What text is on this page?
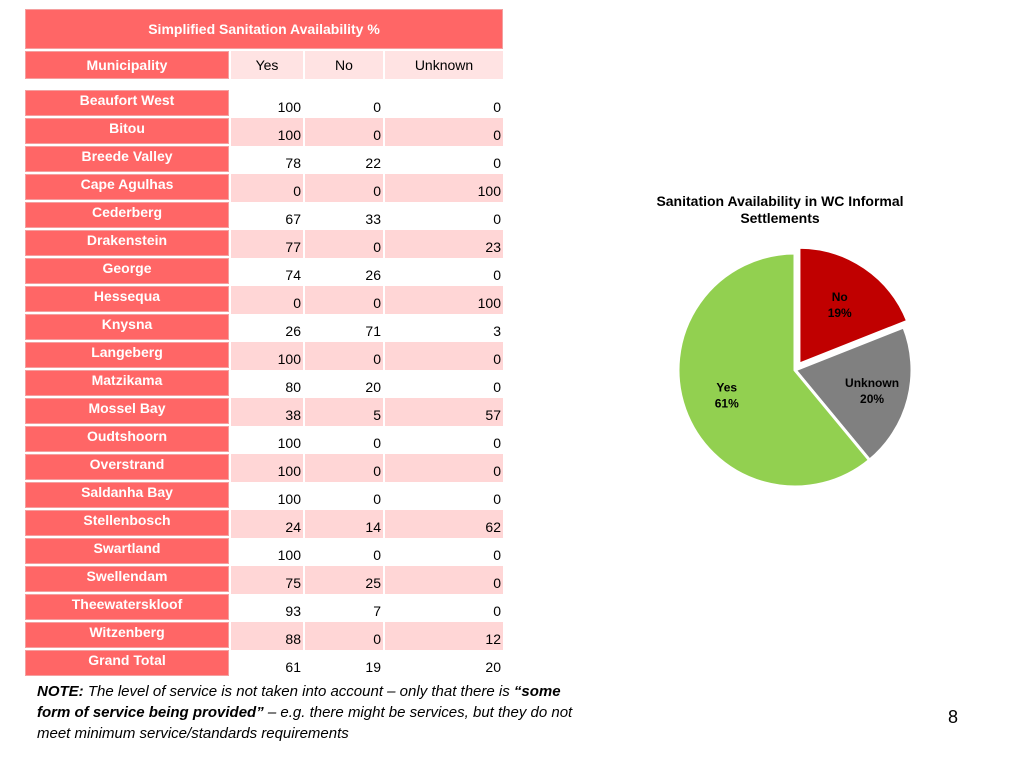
Simplified Sanitation Availability %
Municipality	Yes	No	Unknown
Beaufort West	100	0	0
Bitou	100	0	0
Breede Valley	78	22	0
Cape Agulhas	0	0	100
Cederberg	67	33	0
Drakenstein	77	0	23
George	74	26	0
Hessequa	0	0	100
Knysna	26	71	3
Langeberg	100	0	0
Matzikama	80	20	0
Mossel Bay	38	5	57
Oudtshoorn	100	0	0
Overstrand	100	0	0
Saldanha Bay	100	0	0
Stellenbosch	24	14	62
Swartland	100	0	0
Swellendam	75	25	0
Theewaterskloof	93	7	0
Witzenberg	88	0	12
Grand Total	61	19	20
Sanitation Availability in WC Informal Settlements
No 19%
Unknown 20%
Yes 61%
NOTE: The level of service is not taken into account – only that there is “some form of service being provided” – e.g. there might be services, but they do not meet minimum service/standards requirements
8
